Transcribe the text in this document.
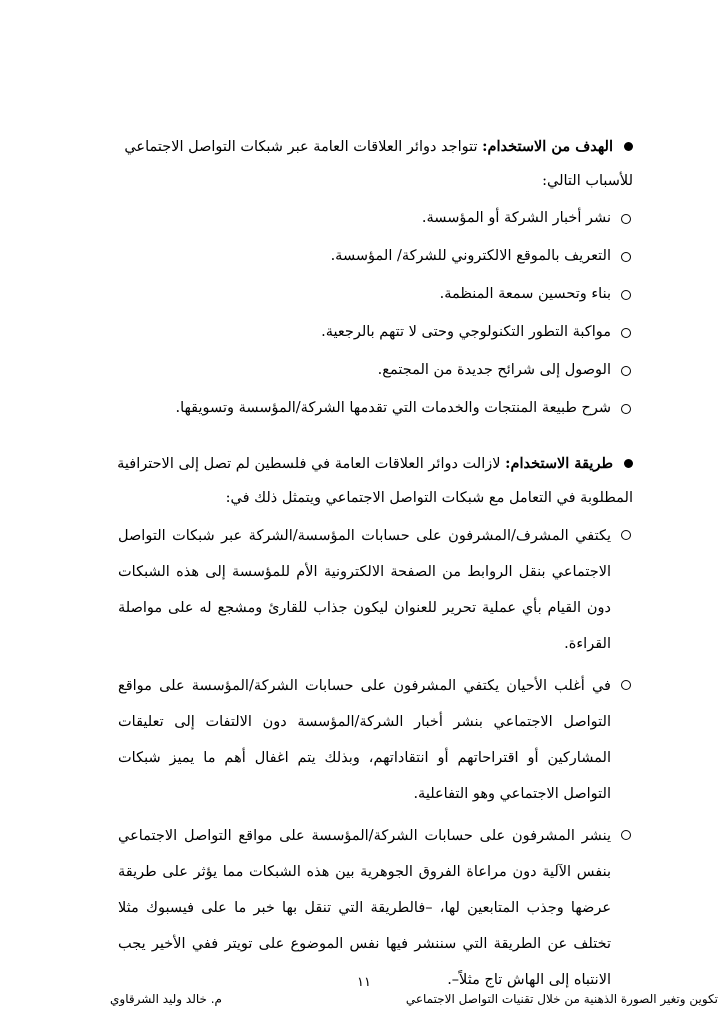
الهدف من الاستخدام: تتواجد دوائر العلاقات العامة عبر شبكات التواصل الاجتماعي
للأسباب التالي:
نشر أخبار الشركة أو المؤسسة.
التعريف بالموقع الالكتروني للشركة/ المؤسسة.
بناء وتحسين سمعة المنظمة.
مواكبة التطور التكنولوجي وحتى لا تتهم بالرجعية.
الوصول إلى شرائح جديدة من المجتمع.
شرح طبيعة المنتجات والخدمات التي تقدمها الشركة/المؤسسة وتسويقها.
طريقة الاستخدام: لازالت دوائر العلاقات العامة في فلسطين لم تصل إلى الاحترافية
المطلوبة في التعامل مع شبكات التواصل الاجتماعي ويتمثل ذلك في:
يكتفي المشرف/المشرفون على حسابات المؤسسة/الشركة عبر شبكات التواصل الاجتماعي بنقل الروابط من الصفحة الالكترونية الأم للمؤسسة إلى هذه الشبكات دون القيام بأي عملية تحرير للعنوان ليكون جذاب للقارئ ومشجع له على مواصلة القراءة.
في أغلب الأحيان يكتفي المشرفون على حسابات الشركة/المؤسسة على مواقع التواصل الاجتماعي بنشر أخبار الشركة/المؤسسة دون الالتفات إلى تعليقات المشاركين أو اقتراحاتهم أو انتقاداتهم، وبذلك يتم اغفال أهم ما يميز شبكات التواصل الاجتماعي وهو التفاعلية.
ينشر المشرفون على حسابات الشركة/المؤسسة على مواقع التواصل الاجتماعي بنفس الآلية دون مراعاة الفروق الجوهرية بين هذه الشبكات مما يؤثر على طريقة عرضها وجذب المتابعين لها، –فالطريقة التي تنقل بها خبر ما على فيسبوك مثلا تختلف عن الطريقة التي سننشر فيها نفس الموضوع على تويتر ففي الأخير يجب الانتباه إلى الهاش تاج مثلاً–.
١١
تكوين وتغير الصورة الذهنية من خلال تقنيات التواصل الاجتماعي
م. خالد وليد الشرقاوي
